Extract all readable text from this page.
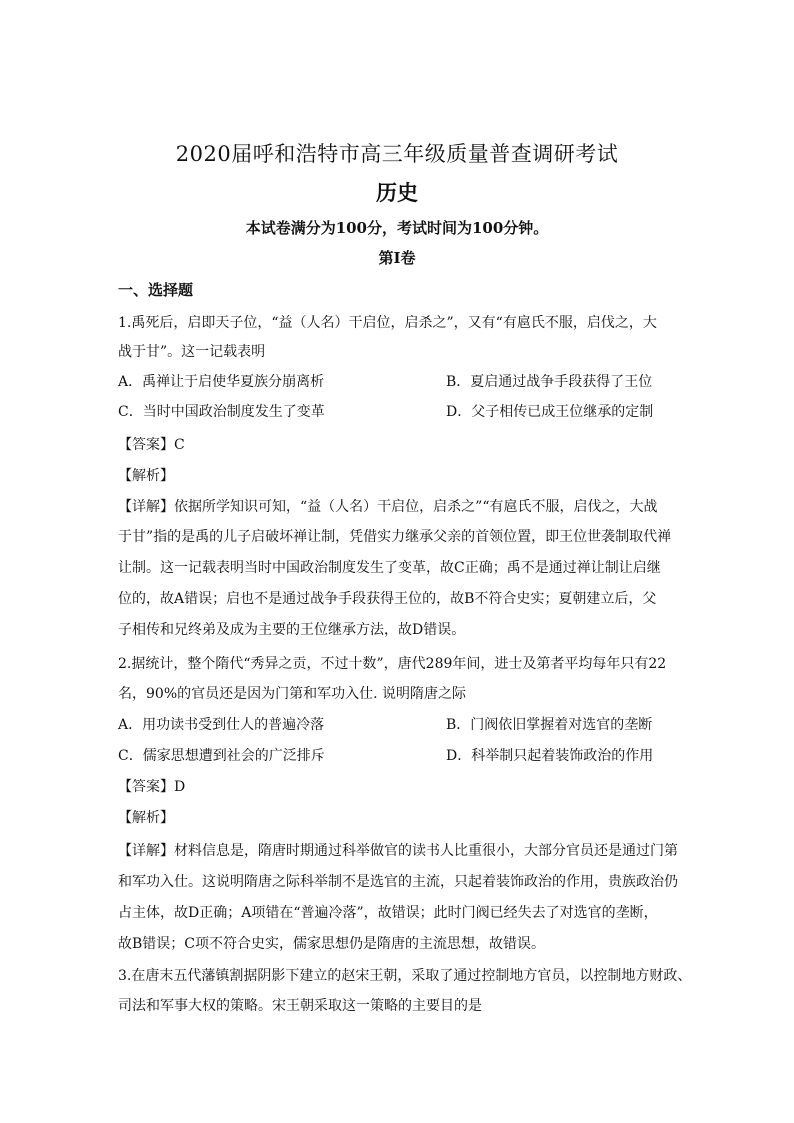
2020届呼和浩特市高三年级质量普查调研考试
历史
本试卷满分为100分，考试时间为100分钟。
第I卷
一、选择题
1.禹死后，启即天子位，“益（人名）干启位，启杀之”，又有“有扈氏不服，启伐之，大
战于甘”。这一记载表明
A．禹禅让于启使华夏族分崩离析	B．夏启通过战争手段获得了王位
C．当时中国政治制度发生了变革	D．父子相传已成王位继承的定制
【答案】C
【解析】
【详解】依据所学知识可知，“益（人名）干启位，启杀之”“有扈氏不服，启伐之，大战
于甘”指的是禹的儿子启破坏禅让制，凭借实力继承父亲的首领位置，即王位世袭制取代禅
让制。这一记载表明当时中国政治制度发生了变革，故C正确；禹不是通过禅让制让启继
位的，故A错误；启也不是通过战争手段获得王位的，故B不符合史实；夏朝建立后，父
子相传和兄终弟及成为主要的王位继承方法，故D错误。
2.据统计，整个隋代“秀异之贡，不过十数”，唐代289年间，进士及第者平均每年只有22
名，90%的官员还是因为门第和军功入仕. 说明隋唐之际
A．用功读书受到仕人的普遍冷落	B．门阀依旧掌握着对选官的垄断
C．儒家思想遭到社会的广泛排斥	D．科举制只起着装饰政治的作用
【答案】D
【解析】
【详解】材料信息是，隋唐时期通过科举做官的读书人比重很小，大部分官员还是通过门第
和军功入仕。这说明隋唐之际科举制不是选官的主流，只起着装饰政治的作用，贵族政治仍
占主体，故D正确；A项错在“普遍冷落”，故错误；此时门阀已经失去了对选官的垄断，
故B错误；C项不符合史实，儒家思想仍是隋唐的主流思想，故错误。
3.在唐末五代藩镇割据阴影下建立的赵宋王朝，采取了通过控制地方官员，以控制地方财政、
司法和军事大权的策略。宋王朝采取这一策略的主要目的是
